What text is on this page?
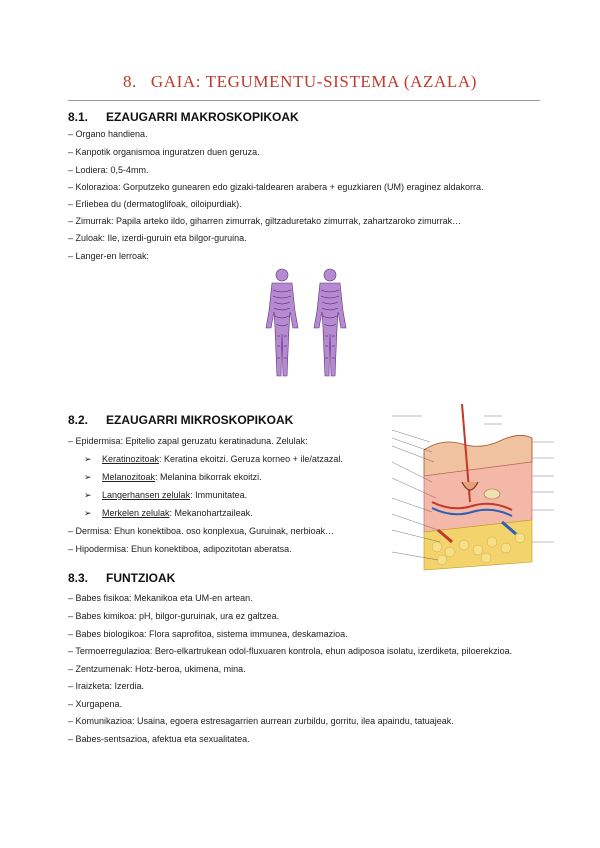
8. GAIA: TEGUMENTU-SISTEMA (AZALA)
8.1. EZAUGARRI MAKROSKOPIKOAK
– Organo handiena.
– Kanpotik organismoa inguratzen duen geruza.
– Lodiera: 0,5-4mm.
– Kolorazioa: Gorputzeko gunearen edo gizaki-taldearen arabera + eguzkiaren (UM) eraginez aldakorra.
– Erliebea du (dermatoglifoak, oiloipurdiak).
– Zimurrak: Papila arteko ildo, giharren zimurrak, giltzaduretako zimurrak, zahartzaroko zimurrak…
– Zuloak: Ile, izerdi-guruin eta bilgor-guruina.
– Langer-en lerroak:
8.2. EZAUGARRI MIKROSKOPIKOAK
– Epidermisa: Epitelio zapal geruzatu keratinaduna. Zelulak:
➢ Keratinozitoak: Keratina ekoitzi. Geruza korneo + ile/atzazal.
➢ Melanozitoak: Melanina bikorrak ekoitzi.
➢ Langerhansen zelulak: Immunitatea.
➢ Merkelen zelulak: Mekanohartzaileak.
– Dermisa: Ehun konektiboa. oso konplexua, Guruinak, nerbioak…
– Hipodermisa: Ehun konektiboa, adipozitotan aberatsa.
8.3. FUNTZIOAK
– Babes fisikoa: Mekanikoa eta UM-en artean.
– Babes kimikoa: pH, bilgor-guruinak, ura ez galtzea.
– Babes biologikoa: Flora saprofitoa, sistema immunea, deskamazioa.
– Termoerregulazioa: Bero-elkartrukean odol-fluxuaren kontrola, ehun adiposoa isolatu, izerdiketa, piloerekzioa.
– Zentzumenak: Hotz-beroa, ukimena, mina.
– Iraizketa: Izerdia.
– Xurgapena.
– Komunikazioa: Usaina, egoera estresagarrien aurrean zurbildu, gorritu, ilea apaindu, tatuajeak.
– Babes-sentsazioa, afektua eta sexualitatea.
